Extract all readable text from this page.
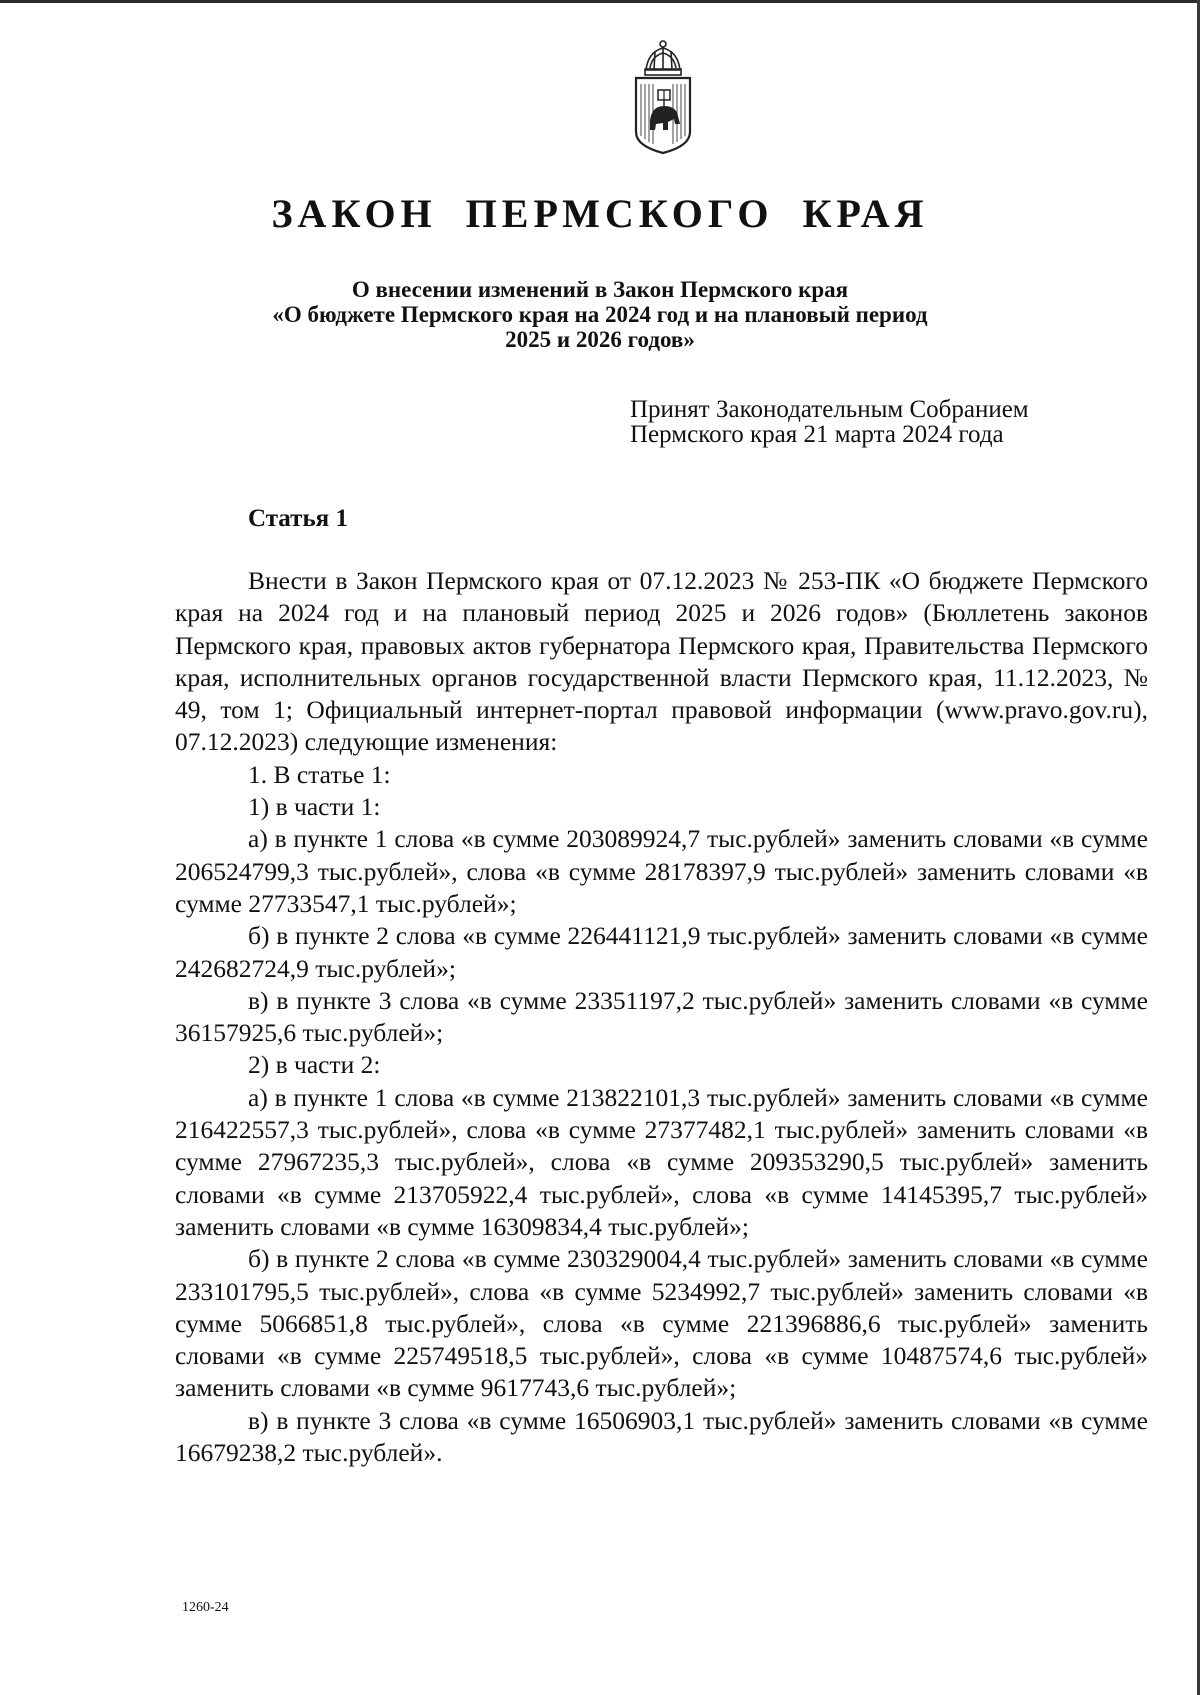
ЗАКОН ПЕРМСКОГО КРАЯ
О внесении изменений в Закон Пермского края
«О бюджете Пермского края на 2024 год и на плановый период
2025 и 2026 годов»
Принят Законодательным Собранием
Пермского края 21 марта 2024 года
Статья 1

Внести в Закон Пермского края от 07.12.2023 № 253-ПК «О бюджете Пермского края на 2024 год и на плановый период 2025 и 2026 годов» (Бюллетень законов Пермского края, правовых актов губернатора Пермского края, Правительства Пермского края, исполнительных органов государственной власти Пермского края, 11.12.2023, № 49, том 1; Официальный интернет-портал правовой информации (www.pravo.gov.ru), 07.12.2023) следующие изменения:

1. В статье 1:

1) в части 1:

а) в пункте 1 слова «в сумме 203089924,7 тыс.рублей» заменить словами «в сумме 206524799,3 тыс.рублей», слова «в сумме 28178397,9 тыс.рублей» заменить словами «в сумме 27733547,1 тыс.рублей»;

б) в пункте 2 слова «в сумме 226441121,9 тыс.рублей» заменить словами «в сумме 242682724,9 тыс.рублей»;

в) в пункте 3 слова «в сумме 23351197,2 тыс.рублей» заменить словами «в сумме 36157925,6 тыс.рублей»;

2) в части 2:

а) в пункте 1 слова «в сумме 213822101,3 тыс.рублей» заменить словами «в сумме 216422557,3 тыс.рублей», слова «в сумме 27377482,1 тыс.рублей» заменить словами «в сумме 27967235,3 тыс.рублей», слова «в сумме 209353290,5 тыс.рублей» заменить словами «в сумме 213705922,4 тыс.рублей», слова «в сумме 14145395,7 тыс.рублей» заменить словами «в сумме 16309834,4 тыс.рублей»;

б) в пункте 2 слова «в сумме 230329004,4 тыс.рублей» заменить словами «в сумме 233101795,5 тыс.рублей», слова «в сумме 5234992,7 тыс.рублей» заменить словами «в сумме 5066851,8 тыс.рублей», слова «в сумме 221396886,6 тыс.рублей» заменить словами «в сумме 225749518,5 тыс.рублей», слова «в сумме 10487574,6 тыс.рублей» заменить словами «в сумме 9617743,6 тыс.рублей»;

в) в пункте 3 слова «в сумме 16506903,1 тыс.рублей» заменить словами «в сумме 16679238,2 тыс.рублей».

1260-24
